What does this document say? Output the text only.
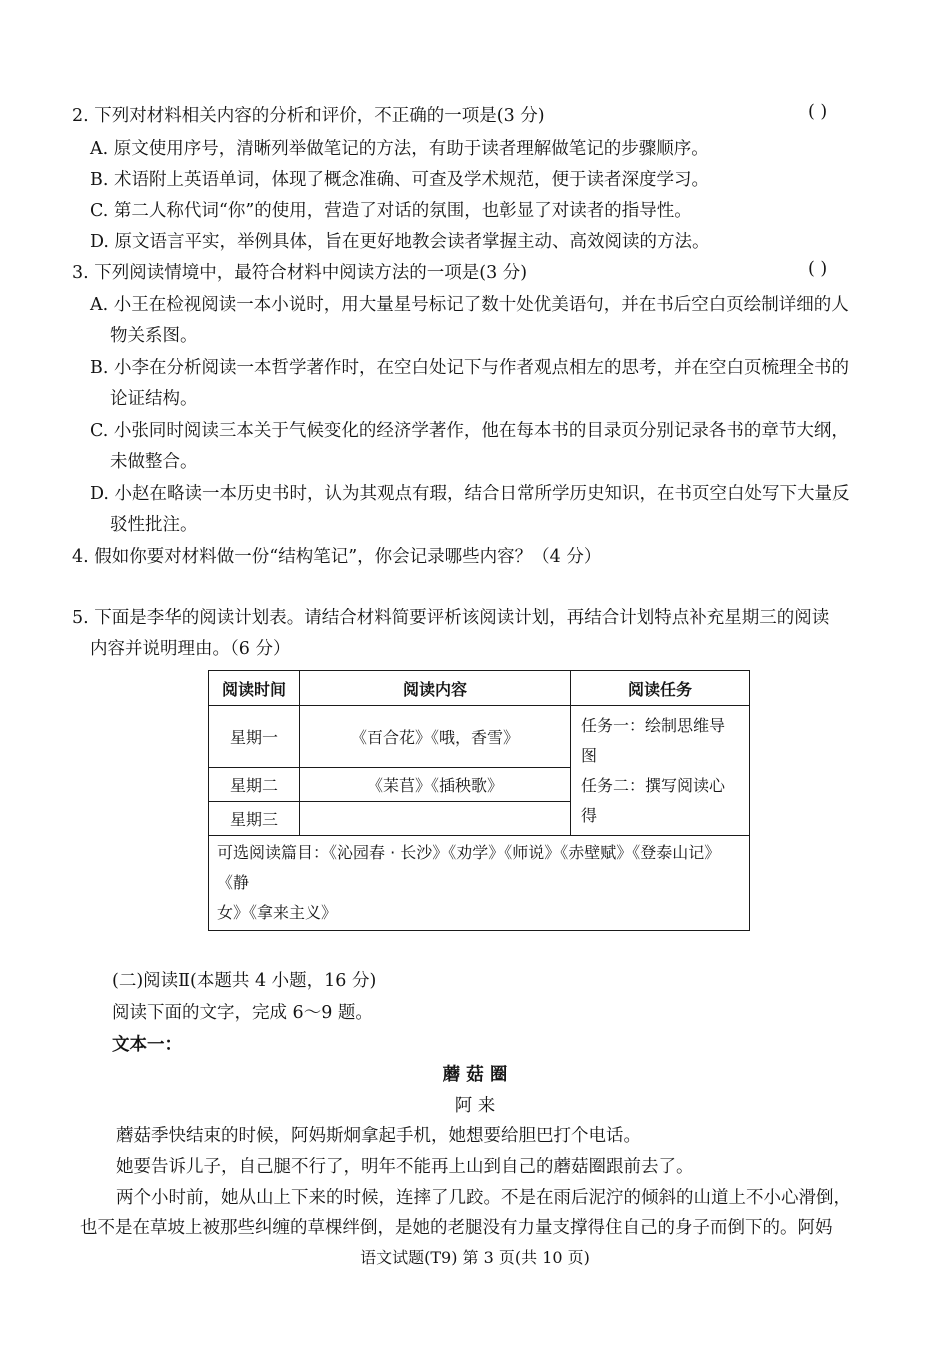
2. 下列对材料相关内容的分析和评价，不正确的一项是(3 分)	( )
A. 原文使用序号，清晰列举做笔记的方法，有助于读者理解做笔记的步骤顺序。
B. 术语附上英语单词，体现了概念准确、可查及学术规范，便于读者深度学习。
C. 第二人称代词“你”的使用，营造了对话的氛围，也彰显了对读者的指导性。
D. 原文语言平实，举例具体，旨在更好地教会读者掌握主动、高效阅读的方法。
3. 下列阅读情境中，最符合材料中阅读方法的一项是(3 分)	( )
A. 小王在检视阅读一本小说时，用大量星号标记了数十处优美语句，并在书后空白页绘制详细的人
物关系图。
B. 小李在分析阅读一本哲学著作时，在空白处记下与作者观点相左的思考，并在空白页梳理全书的
论证结构。
C. 小张同时阅读三本关于气候变化的经济学著作，他在每本书的目录页分别记录各书的章节大纲，
未做整合。
D. 小赵在略读一本历史书时，认为其观点有瑕，结合日常所学历史知识，在书页空白处写下大量反
驳性批注。
4. 假如你要对材料做一份“结构笔记”，你会记录哪些内容？（4 分）
5. 下面是李华的阅读计划表。请结合材料简要评析该阅读计划，再结合计划特点补充星期三的阅读
内容并说明理由。（6 分）
阅读时间	阅读内容	阅读任务
星期一	《百合花》《哦，香雪》	任务一：绘制思维导图
任务二：撰写阅读心得

星期二	《苿苢》《插秧歌》	
星期三		

可选阅读篇目：《沁园春 · 长沙》《劝学》《师说》《赤壁赋》《登泰山记》《静
女》《拿来主义》		
(二)阅读Ⅱ(本题共 4 小题，16 分)
阅读下面的文字，完成 6～9 题。
文本一：
蘑 菇 圈
阿 来
蘑菇季快结束的时候，阿妈斯炯拿起手机，她想要给胆巴打个电话。
她要告诉儿子，自己腿不行了，明年不能再上山到自己的蘑菇圈跟前去了。
两个小时前，她从山上下来的时候，连摔了几跤。不是在雨后泥泞的倾斜的山道上不小心滑倒，
也不是在草坡上被那些纠缠的草棵绊倒，是她的老腿没有力量支撑得住自己的身子而倒下的。阿妈
语文试题(T9) 第 3 页(共 10 页)
